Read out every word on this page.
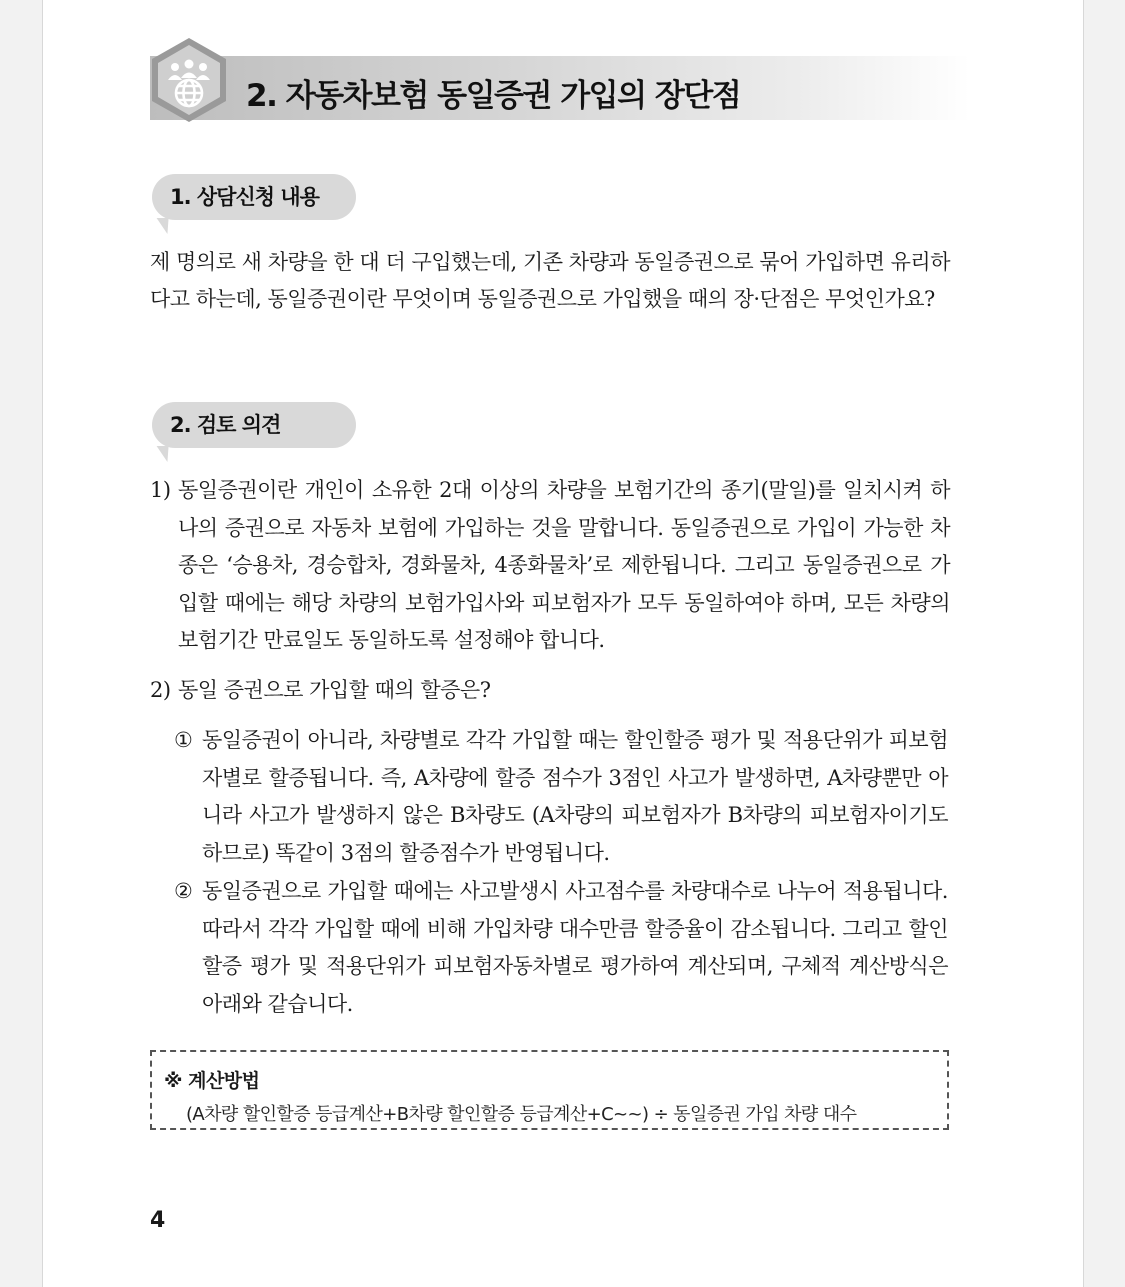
2. 자동차보험 동일증권 가입의 장단점
1. 상담신청 내용
제 명의로 새 차량을 한 대 더 구입했는데, 기존 차량과 동일증권으로 묶어 가입하면 유리하다고 하는데, 동일증권이란 무엇이며 동일증권으로 가입했을 때의 장·단점은 무엇인가요?
2. 검토 의견
1) 동일증권이란 개인이 소유한 2대 이상의 차량을 보험기간의 종기(말일)를 일치시켜 하나의 증권으로 자동차 보험에 가입하는 것을 말합니다. 동일증권으로 가입이 가능한 차종은 ‘승용차, 경승합차, 경화물차, 4종화물차’로 제한됩니다. 그리고 동일증권으로 가입할 때에는 해당 차량의 보험가입사와 피보험자가 모두 동일하여야 하며, 모든 차량의 보험기간 만료일도 동일하도록 설정해야 합니다.
2) 동일 증권으로 가입할 때의 할증은?
① 동일증권이 아니라, 차량별로 각각 가입할 때는 할인할증 평가 및 적용단위가 피보험자별로 할증됩니다. 즉, A차량에 할증 점수가 3점인 사고가 발생하면, A차량뿐만 아니라 사고가 발생하지 않은 B차량도 (A차량의 피보험자가 B차량의 피보험자이기도 하므로) 똑같이 3점의 할증점수가 반영됩니다.
② 동일증권으로 가입할 때에는 사고발생시 사고점수를 차량대수로 나누어 적용됩니다. 따라서 각각 가입할 때에 비해 가입차량 대수만큼 할증율이 감소됩니다. 그리고 할인할증 평가 및 적용단위가 피보험자동차별로 평가하여 계산되며, 구체적 계산방식은 아래와 같습니다.
※ 계산방법
(A차량 할인할증 등급계산+B차량 할인할증 등급계산+C~~) ÷ 동일증권 가입 차량 대수
4
